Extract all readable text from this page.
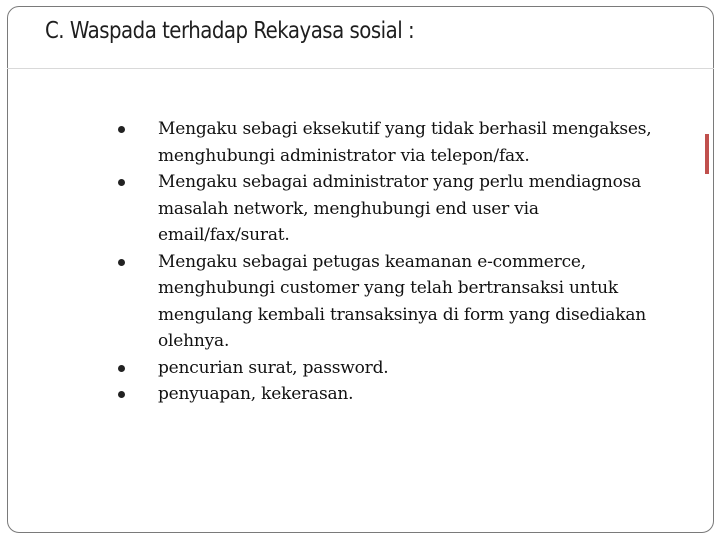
C. Waspada terhadap Rekayasa sosial :
Mengaku sebagi eksekutif yang tidak berhasil mengakses, menghubungi administrator via telepon/fax.
Mengaku sebagai administrator yang perlu mendiagnosa masalah network, menghubungi end user via email/fax/surat.
Mengaku sebagai petugas keamanan e-commerce, menghubungi customer yang telah bertransaksi untuk mengulang kembali transaksinya di form yang disediakan olehnya.
pencurian surat, password.
penyuapan, kekerasan.
